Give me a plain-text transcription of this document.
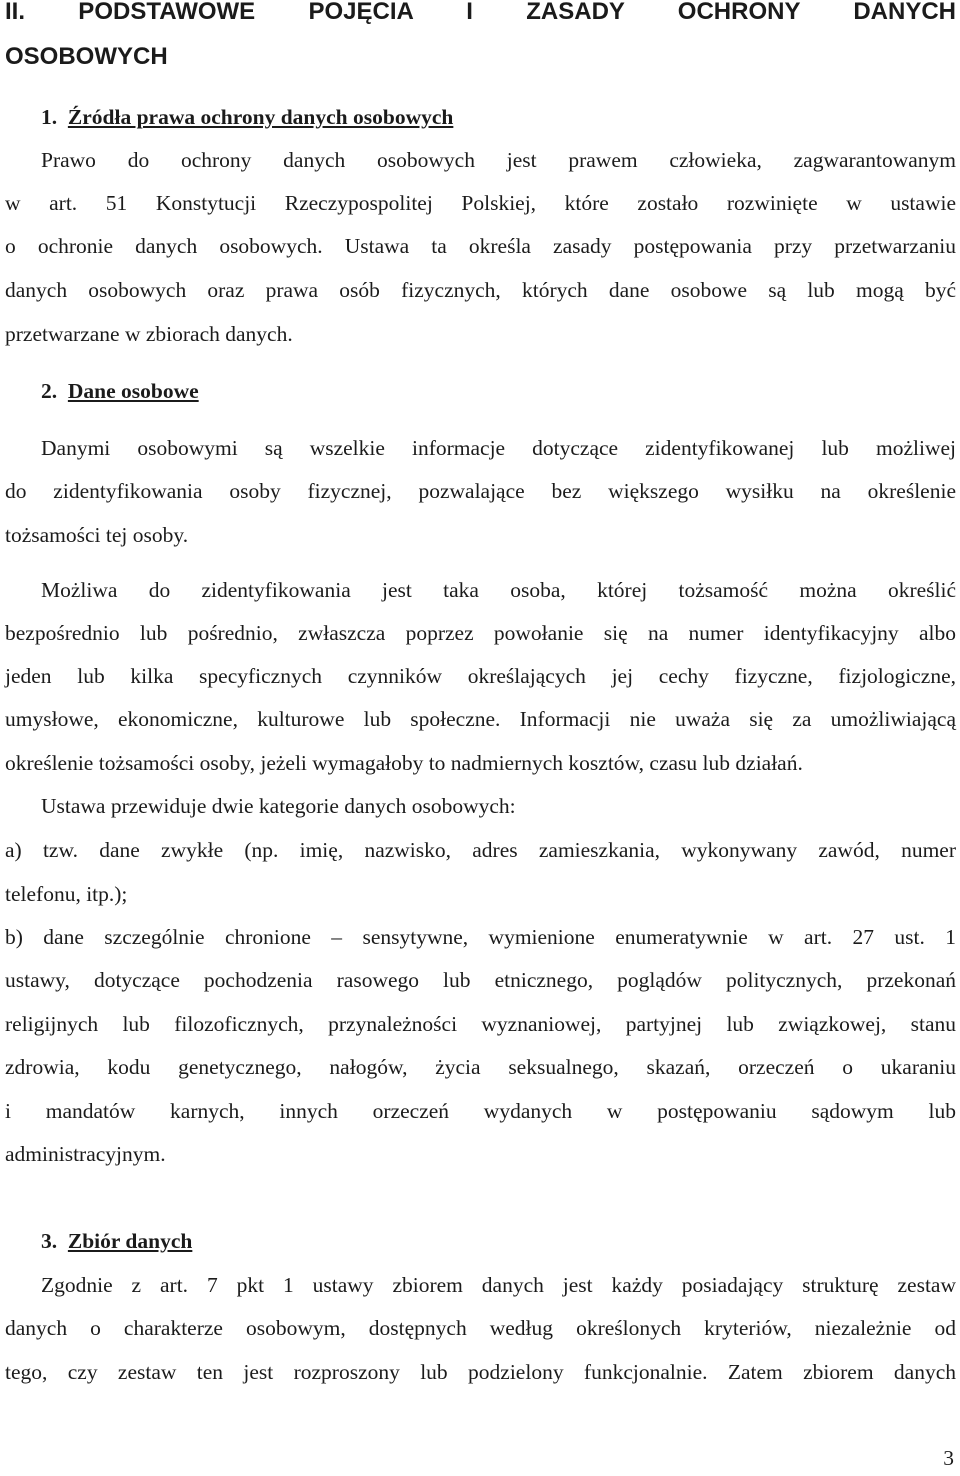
II. PODSTAWOWE POJĘCIA I ZASADY OCHRONY DANYCH
OSOBOWYCH
1. Źródła prawa ochrony danych osobowych
Prawo do ochrony danych osobowych jest prawem człowieka, zagwarantowanym
w art. 51 Konstytucji Rzeczypospolitej Polskiej, które zostało rozwinięte w ustawie
o ochronie danych osobowych. Ustawa ta określa zasady postępowania przy przetwarzaniu
danych osobowych oraz prawa osób fizycznych, których dane osobowe są lub mogą być
przetwarzane w zbiorach danych.
2. Dane osobowe
Danymi osobowymi są wszelkie informacje dotyczące zidentyfikowanej lub możliwej
do zidentyfikowania osoby fizycznej, pozwalające bez większego wysiłku na określenie
tożsamości tej osoby.
Możliwa do zidentyfikowania jest taka osoba, której tożsamość można określić
bezpośrednio lub pośrednio, zwłaszcza poprzez powołanie się na numer identyfikacyjny albo
jeden lub kilka specyficznych czynników określających jej cechy fizyczne, fizjologiczne,
umysłowe, ekonomiczne, kulturowe lub społeczne. Informacji nie uważa się za umożliwiającą
określenie tożsamości osoby, jeżeli wymagałoby to nadmiernych kosztów, czasu lub działań.
Ustawa przewiduje dwie kategorie danych osobowych:
a) tzw. dane zwykłe (np. imię, nazwisko, adres zamieszkania, wykonywany zawód, numer
telefonu, itp.);
b) dane szczególnie chronione – sensytywne, wymienione enumeratywnie w art. 27 ust. 1
ustawy, dotyczące pochodzenia rasowego lub etnicznego, poglądów politycznych, przekonań
religijnych lub filozoficznych, przynależności wyznaniowej, partyjnej lub związkowej, stanu
zdrowia, kodu genetycznego, nałogów, życia seksualnego, skazań, orzeczeń o ukaraniu
i mandatów karnych, innych orzeczeń wydanych w postępowaniu sądowym lub
administracyjnym.
3. Zbiór danych
Zgodnie z art. 7 pkt 1 ustawy zbiorem danych jest każdy posiadający strukturę zestaw
danych o charakterze osobowym, dostępnych według określonych kryteriów, niezależnie od
tego, czy zestaw ten jest rozproszony lub podzielony funkcjonalnie. Zatem zbiorem danych
3
